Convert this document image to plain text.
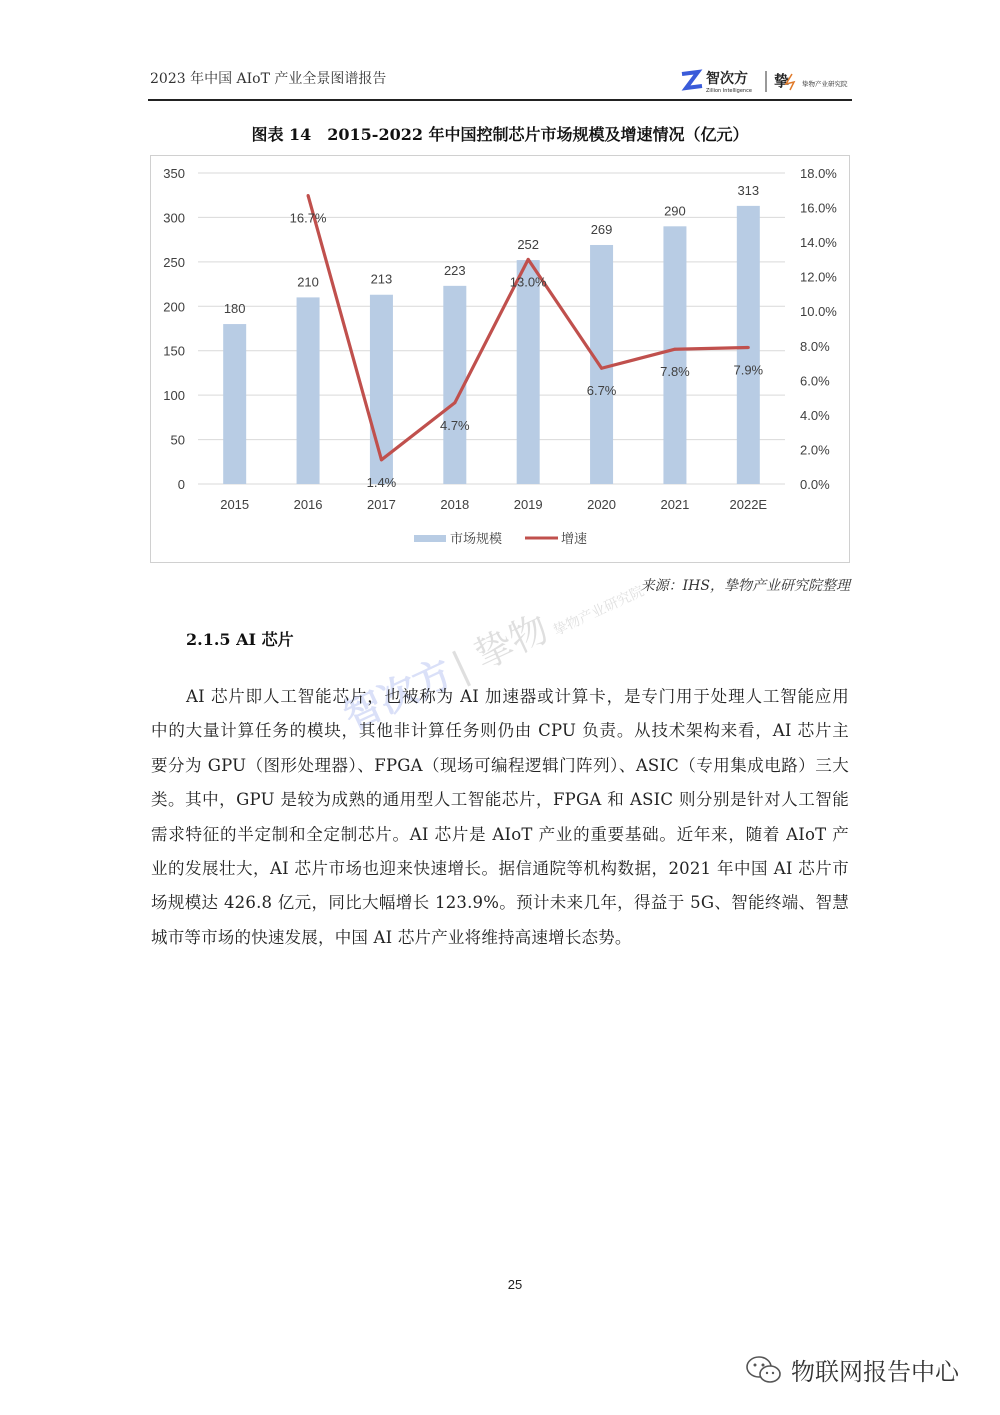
2023 年中国 AIoT 产业全景图谱报告	智次方
Zillion Intelligence
挚 挚物产业研究院
图表 14　2015-2022 年中国控制芯片市场规模及增速情况（亿元）
0
50
100
150
200
250
300
350
0.0%
2.0%
4.0%
6.0%
8.0%
10.0%
12.0%
14.0%
16.0%
18.0%
180
2015
210
2016
213
2017
223
2018
252
2019
269
2020
290
2021
313
2022E
16.7%
1.4%
4.7%
13.0%
6.7%
7.8%	7.9%
市场规模	增速
来源：IHS，挚物产业研究院整理
智次方 | 挚物 挚物产业研究院
2.1.5 AI 芯片
AI 芯片即人工智能芯片，也被称为 AI 加速器或计算卡，是专门用于处理人工智能应用
中的大量计算任务的模块，其他非计算任务则仍由 CPU 负责。从技术架构来看，AI 芯片主
要分为 GPU（图形处理器）、FPGA（现场可编程逻辑门阵列）、ASIC（专用集成电路）三大
类。其中，GPU 是较为成熟的通用型人工智能芯片，FPGA 和 ASIC 则分别是针对人工智能
需求特征的半定制和全定制芯片。AI 芯片是 AIoT 产业的重要基础。近年来，随着 AIoT 产
业的发展壮大，AI 芯片市场也迎来快速增长。据信通院等机构数据，2021 年中国 AI 芯片市
场规模达 426.8 亿元，同比大幅增长 123.9%。预计未来几年，得益于 5G、智能终端、智慧
城市等市场的快速发展，中国 AI 芯片产业将维持高速增长态势。
25
物联网报告中心
